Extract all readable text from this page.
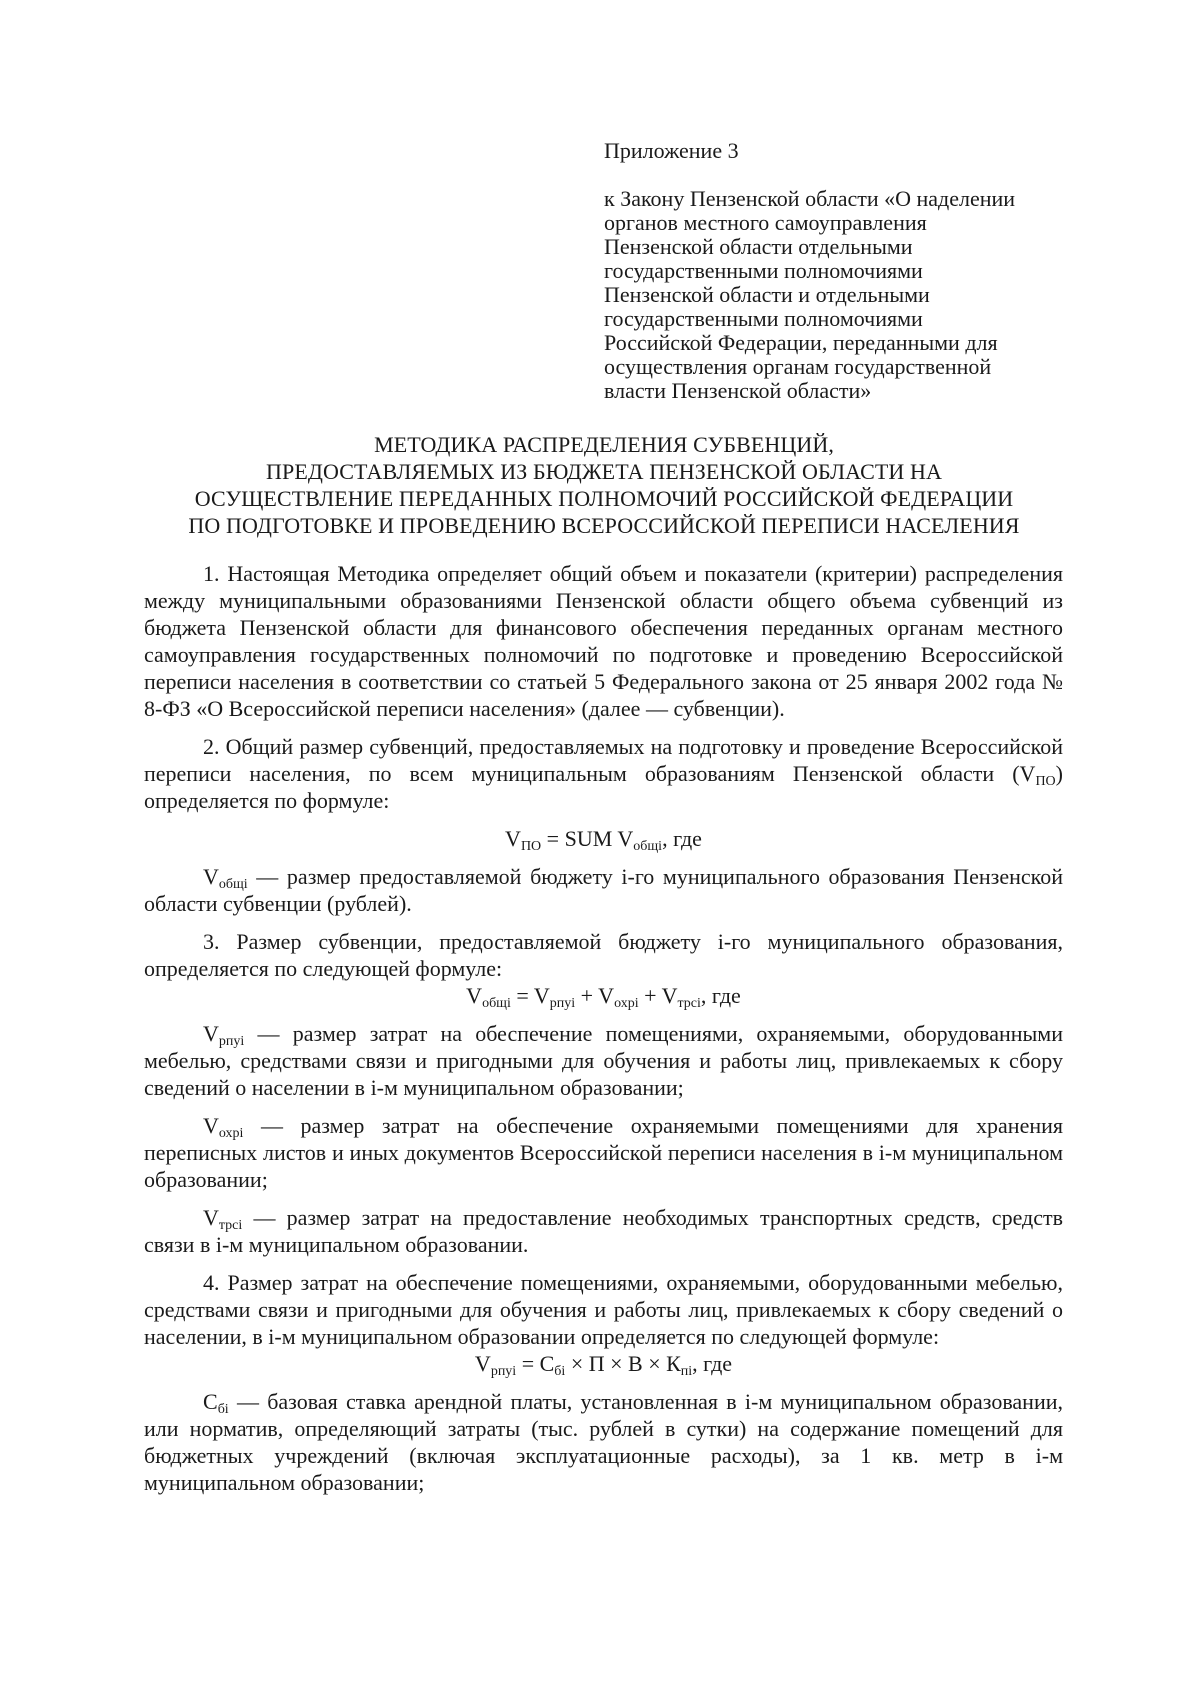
Приложение 3

к Закону Пензенской области «О наделении
органов местного самоуправления
Пензенской области отдельными
государственными полномочиями
Пензенской области и отдельными
государственными полномочиями
Российской Федерации, переданными для
осуществления органам государственной
власти Пензенской области»

МЕТОДИКА РАСПРЕДЕЛЕНИЯ СУБВЕНЦИЙ,
ПРЕДОСТАВЛЯЕМЫХ ИЗ БЮДЖЕТА ПЕНЗЕНСКОЙ ОБЛАСТИ НА
ОСУЩЕСТВЛЕНИЕ ПЕРЕДАННЫХ ПОЛНОМОЧИЙ РОССИЙСКОЙ ФЕДЕРАЦИИ
ПО ПОДГОТОВКЕ И ПРОВЕДЕНИЮ ВСЕРОССИЙСКОЙ ПЕРЕПИСИ НАСЕЛЕНИЯ

1. Настоящая Методика определяет общий объем и показатели (критерии) распределения между муниципальными образованиями Пензенской области общего объема субвенций из бюджета Пензенской области для финансового обеспечения переданных органам местного самоуправления государственных полномочий по подготовке и проведению Всероссийской переписи населения в соответствии со статьей 5 Федерального закона от 25 января 2002 года № 8-ФЗ «О Всероссийской переписи населения» (далее — субвенции).

2. Общий размер субвенций, предоставляемых на подготовку и проведение Всероссийской переписи населения, по всем муниципальным образованиям Пензенской области $(V_{ПО})$ определяется по формуле:

$V_{ПО}$ = SUM $V_{общi}$, где

$V_{общi}$ — размер предоставляемой бюджету i-го муниципального образования Пензенской области субвенции (рублей).

3. Размер субвенции, предоставляемой бюджету i-го муниципального образования, определяется по следующей формуле:

$V_{общi} = V_{рпуi} + V_{охрi} + V_{трсi}$, где

$V_{рпуi}$ — размер затрат на обеспечение помещениями, охраняемыми, оборудованными мебелью, средствами связи и пригодными для обучения и работы лиц, привлекаемых к сбору сведений о населении в i-м муниципальном образовании;

$V_{охрi}$ — размер затрат на обеспечение охраняемыми помещениями для хранения переписных листов и иных документов Всероссийской переписи населения в i-м муниципальном образовании;

$V_{трсi}$ — размер затрат на предоставление необходимых транспортных средств, средств связи в i-м муниципальном образовании.

4. Размер затрат на обеспечение помещениями, охраняемыми, оборудованными мебелью, средствами связи и пригодными для обучения и работы лиц, привлекаемых к сбору сведений о населении, в i-м муниципальном образовании определяется по следующей формуле:

$V_{рпуi} = С_{бi} \times П \times В \times К_{пi}$, где

$С_{бi}$ — базовая ставка арендной платы, установленная в i-м муниципальном образовании, или норматив, определяющий затраты (тыс. рублей в сутки) на содержание помещений для бюджетных учреждений (включая эксплуатационные расходы), за 1 кв. метр в i-м муниципальном образовании;
